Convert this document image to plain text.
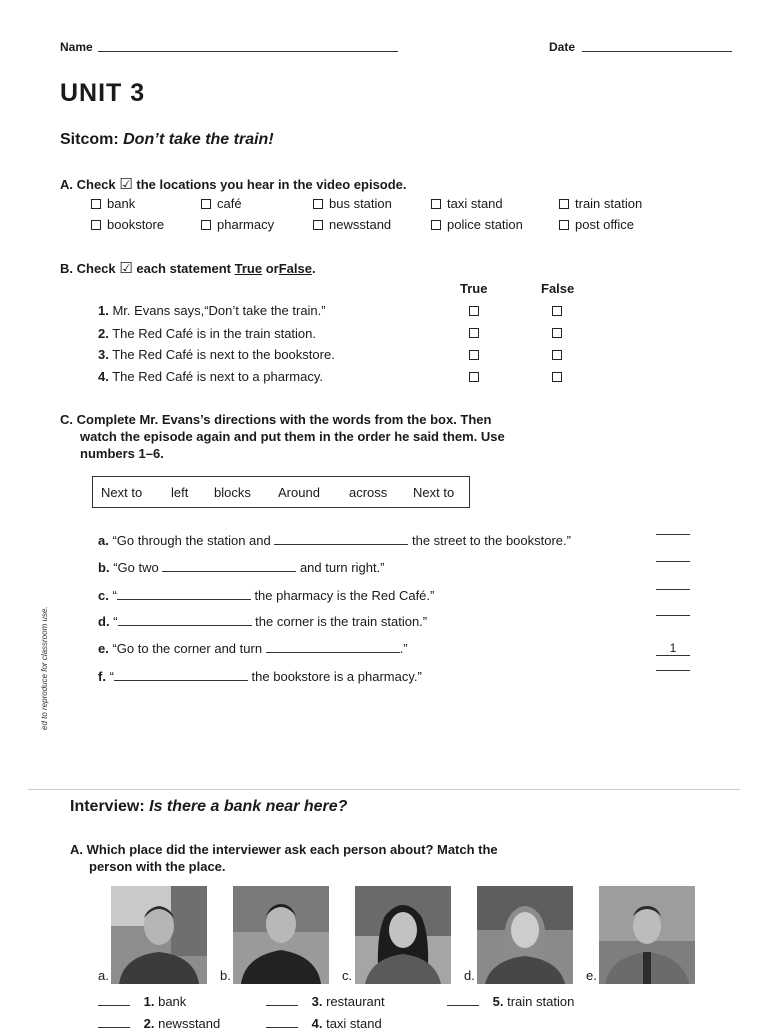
Name	Date
UNIT 3
Sitcom: Don’t take the train!
A. Check ☑ the locations you hear in the video episode.
bank	café	bus station	taxi stand	train station
bookstore	pharmacy	newsstand	police station	post office
B. Check ☑ each statement True orFalse.
True	False
1. Mr. Evans says,“Don’t take the train.”
2. The Red Café is in the train station.
3. The Red Café is next to the bookstore.
4. The Red Café is next to a pharmacy.
C. Complete Mr. Evans’s directions with the words from the box. Then
watch the episode again and put them in the order he said them. Use
numbers 1–6.
Next to left blocks Around across Next to
a. “Go through the station and	the street to the bookstore.”
b. “Go two	and turn right.”
c. “	the pharmacy is the Red Café.”
d. “	the corner is the train station.”
e. “Go to the corner and turn	.”	1
f. “	the bookstore is a pharmacy.”
ed to reproduce for classroom use.
Interview: Is there a bank near here?
A. Which place did the interviewer ask each person about? Match the
person with the place.
a.	b.	c.	d.	e.
1. bank	3. restaurant	5. train station
2. newsstand	4. taxi stand
